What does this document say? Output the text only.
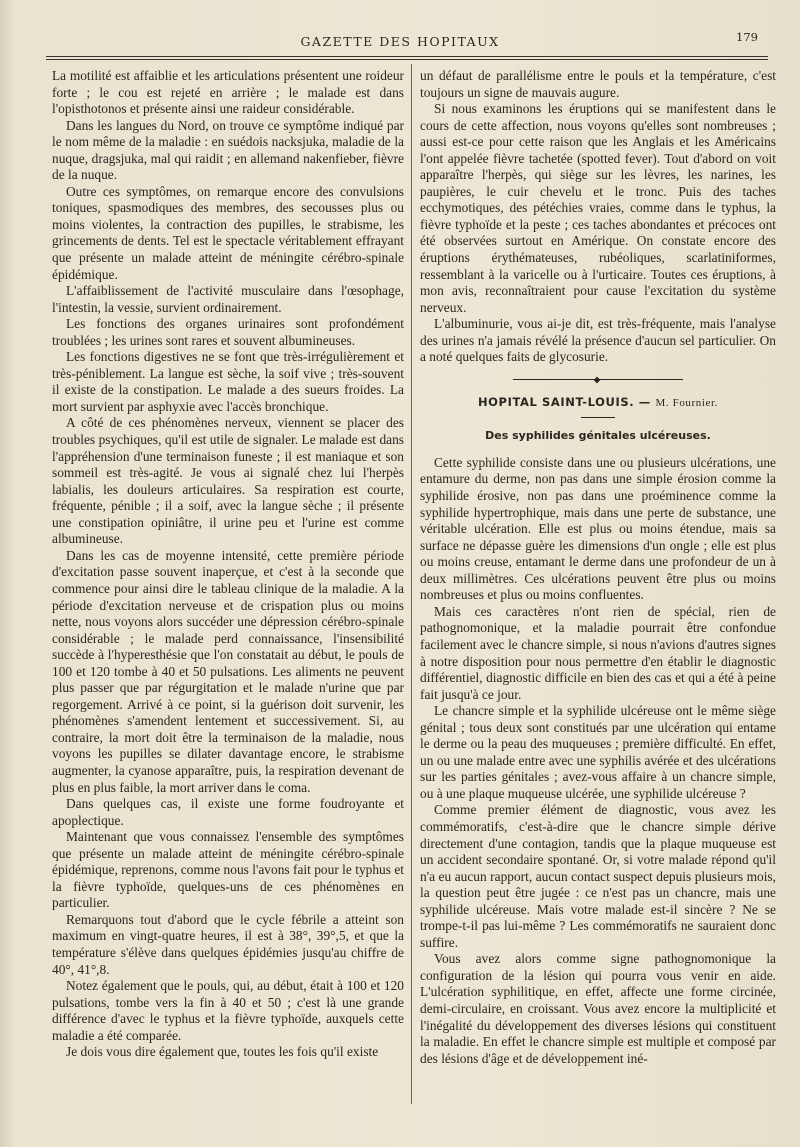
GAZETTE DES HOPITAUX	179

La motilité est affaiblie et les articulations présentent une roideur forte ; le cou est rejeté en arrière ; le malade est dans l'opisthotonos et présente ainsi une raideur considérable.

Dans les langues du Nord, on trouve ce symptôme indiqué par le nom même de la maladie : en suédois nacksjuka, maladie de la nuque, dragsjuka, mal qui raidit ; en allemand nakenfieber, fièvre de la nuque.

Outre ces symptômes, on remarque encore des convulsions toniques, spasmodiques des membres, des secousses plus ou moins violentes, la contraction des pupilles, le strabisme, les grincements de dents. Tel est le spectacle véritablement effrayant que présente un malade atteint de méningite cérébro-spinale épidémique.

L'affaiblissement de l'activité musculaire dans l'œsophage, l'intestin, la vessie, survient ordinairement.

Les fonctions des organes urinaires sont profondément troublées ; les urines sont rares et souvent albumineuses.

Les fonctions digestives ne se font que très-irrégulièrement et très-péniblement. La langue est sèche, la soif vive ; très-souvent il existe de la constipation. Le malade a des sueurs froides. La mort survient par asphyxie avec l'accès bronchique.

A côté de ces phénomènes nerveux, viennent se placer des troubles psychiques, qu'il est utile de signaler. Le malade est dans l'appréhension d'une terminaison funeste ; il est maniaque et son sommeil est très-agité. Je vous ai signalé chez lui l'herpès labialis, les douleurs articulaires. Sa respiration est courte, fréquente, pénible ; il a soif, avec la langue sèche ; il présente une constipation opiniâtre, il urine peu et l'urine est comme albumineuse.

Dans les cas de moyenne intensité, cette première période d'excitation passe souvent inaperçue, et c'est à la seconde que commence pour ainsi dire le tableau clinique de la maladie. A la période d'excitation nerveuse et de crispation plus ou moins nette, nous voyons alors succéder une dépression cérébro-spinale considérable ; le malade perd connaissance, l'insensibilité succède à l'hyperesthésie que l'on constatait au début, le pouls de 100 et 120 tombe à 40 et 50 pulsations. Les aliments ne peuvent plus passer que par régurgitation et le malade n'urine que par regorgement. Arrivé à ce point, si la guérison doit survenir, les phénomènes s'amendent lentement et successivement. Si, au contraire, la mort doit être la terminaison de la maladie, nous voyons les pupilles se dilater davantage encore, le strabisme augmenter, la cyanose apparaître, puis, la respiration devenant de plus en plus faible, la mort arriver dans le coma.

Dans quelques cas, il existe une forme foudroyante et apoplectique.

Maintenant que vous connaissez l'ensemble des symptômes que présente un malade atteint de méningite cérébro-spinale épidémique, reprenons, comme nous l'avons fait pour le typhus et la fièvre typhoïde, quelques-uns de ces phénomènes en particulier.

Remarquons tout d'abord que le cycle fébrile a atteint son maximum en vingt-quatre heures, il est à 38°, 39°,5, et que la température s'élève dans quelques épidémies jusqu'au chiffre de 40°, 41°,8.

Notez également que le pouls, qui, au début, était à 100 et 120 pulsations, tombe vers la fin à 40 et 50 ; c'est là une grande différence d'avec le typhus et la fièvre typhoïde, auxquels cette maladie a été comparée.

Je dois vous dire également que, toutes les fois qu'il existe

un défaut de parallélisme entre le pouls et la température, c'est toujours un signe de mauvais augure.

Si nous examinons les éruptions qui se manifestent dans le cours de cette affection, nous voyons qu'elles sont nombreuses ; aussi est-ce pour cette raison que les Anglais et les Américains l'ont appelée fièvre tachetée (spotted fever). Tout d'abord on voit apparaître l'herpès, qui siège sur les lèvres, les narines, les paupières, le cuir chevelu et le tronc. Puis des taches ecchymotiques, des pétéchies vraies, comme dans le typhus, la fièvre typhoïde et la peste ; ces taches abondantes et précoces ont été observées surtout en Amérique. On constate encore des éruptions érythémateuses, rubéoliques, scarlatiniformes, ressemblant à la varicelle ou à l'urticaire. Toutes ces éruptions, à mon avis, reconnaîtraient pour cause l'excitation du système nerveux.

L'albuminurie, vous ai-je dit, est très-fréquente, mais l'analyse des urines n'a jamais révélé la présence d'aucun sel particulier. On a noté quelques faits de glycosurie.

HOPITAL SAINT-LOUIS. — M. Fournier.
Des syphilides génitales ulcéreuses.

Cette syphilide consiste dans une ou plusieurs ulcérations, une entamure du derme, non pas dans une simple érosion comme la syphilide érosive, non pas dans une proéminence comme la syphilide hypertrophique, mais dans une perte de substance, une véritable ulcération. Elle est plus ou moins étendue, mais sa surface ne dépasse guère les dimensions d'un ongle ; elle est plus ou moins creuse, entamant le derme dans une profondeur de un à deux millimètres. Ces ulcérations peuvent être plus ou moins nombreuses et plus ou moins confluentes.

Mais ces caractères n'ont rien de spécial, rien de pathognomonique, et la maladie pourrait être confondue facilement avec le chancre simple, si nous n'avions d'autres signes à notre disposition pour nous permettre d'en établir le diagnostic différentiel, diagnostic difficile en bien des cas et qui a été à peine fait jusqu'à ce jour.

Le chancre simple et la syphilide ulcéreuse ont le même siège génital ; tous deux sont constitués par une ulcération qui entame le derme ou la peau des muqueuses ; première difficulté. En effet, un ou une malade entre avec une syphilis avérée et des ulcérations sur les parties génitales ; avez-vous affaire à un chancre simple, ou à une plaque muqueuse ulcérée, une syphilide ulcéreuse ?

Comme premier élément de diagnostic, vous avez les commémoratifs, c'est-à-dire que le chancre simple dérive directement d'une contagion, tandis que la plaque muqueuse est un accident secondaire spontané. Or, si votre malade répond qu'il n'a eu aucun rapport, aucun contact suspect depuis plusieurs mois, la question peut être jugée : ce n'est pas un chancre, mais une syphilide ulcéreuse. Mais votre malade est-il sincère ? Ne se trompe-t-il pas lui-même ? Les commémoratifs ne sauraient donc suffire.

Vous avez alors comme signe pathognomonique la configuration de la lésion qui pourra vous venir en aide. L'ulcération syphilitique, en effet, affecte une forme circinée, demi-circulaire, en croissant. Vous avez encore la multiplicité et l'inégalité du développement des diverses lésions qui constituent la maladie. En effet le chancre simple est multiple et composé par des lésions d'âge et de développement iné-
